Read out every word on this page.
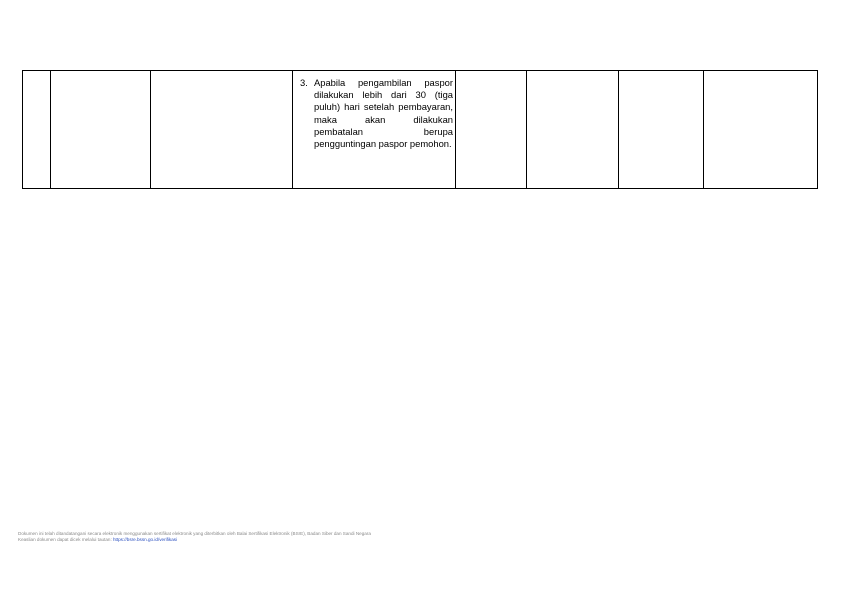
3. Apabila pengambilan paspor dilakukan lebih dari 30 (tiga puluh) hari setelah pembayaran, maka akan dilakukan pembatalan berupa pengguntingan paspor pemohon.

Dokumen ini telah ditandatangani secara elektronik menggunakan sertifikat elektronik yang diterbitkan oleh Balai Sertifikasi Elektronik (BSrE), Badan Siber dan Sandi Negara
Keaslian dokumen dapat dicek melalui tautan: https://bsre.bssn.go.id/verifikasi
